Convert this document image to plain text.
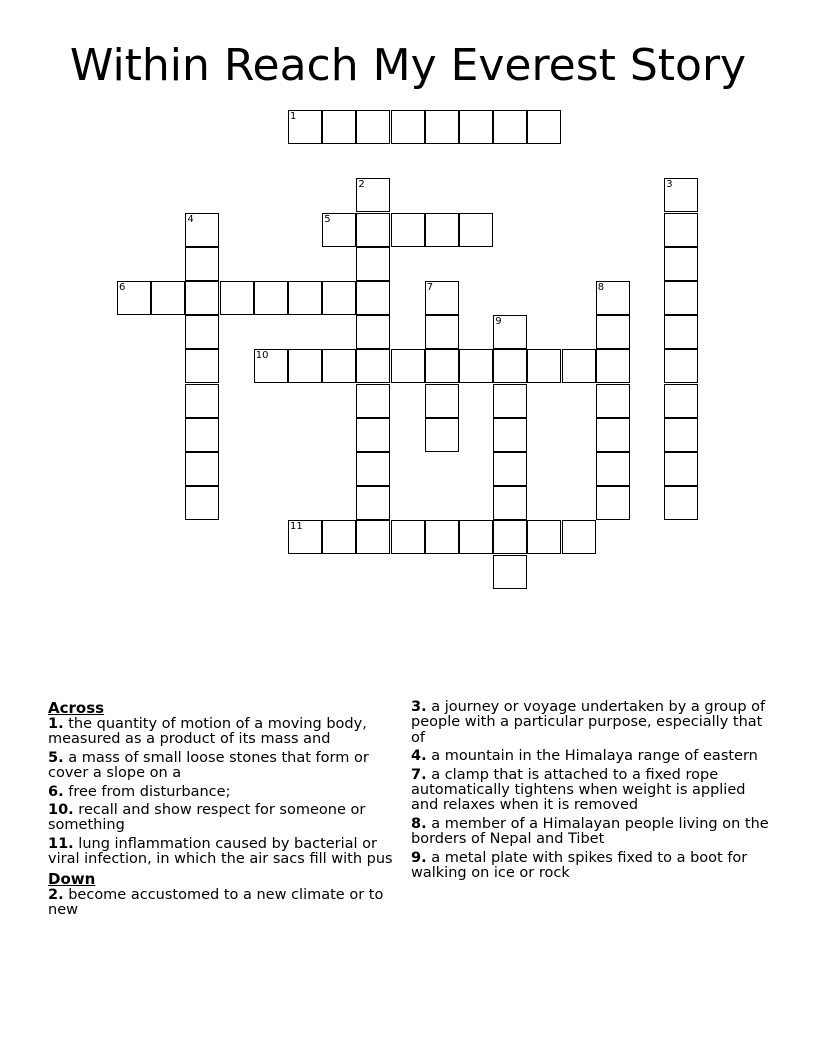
Within Reach My Everest Story
1
2	3
4	5
6	7	8
9
10
11
Across
1. the quantity of motion of a moving body, measured as a product of its mass and
5. a mass of small loose stones that form or cover a slope on a
6. free from disturbance;
10. recall and show respect for someone or something
11. lung inflammation caused by bacterial or viral infection, in which the air sacs fill with pus
Down
2. become accustomed to a new climate or to new
3. a journey or voyage undertaken by a group of people with a particular purpose, especially that of
4. a mountain in the Himalaya range of eastern
7. a clamp that is attached to a fixed rope automatically tightens when weight is applied and relaxes when it is removed
8. a member of a Himalayan people living on the borders of Nepal and Tibet
9. a metal plate with spikes fixed to a boot for walking on ice or rock
